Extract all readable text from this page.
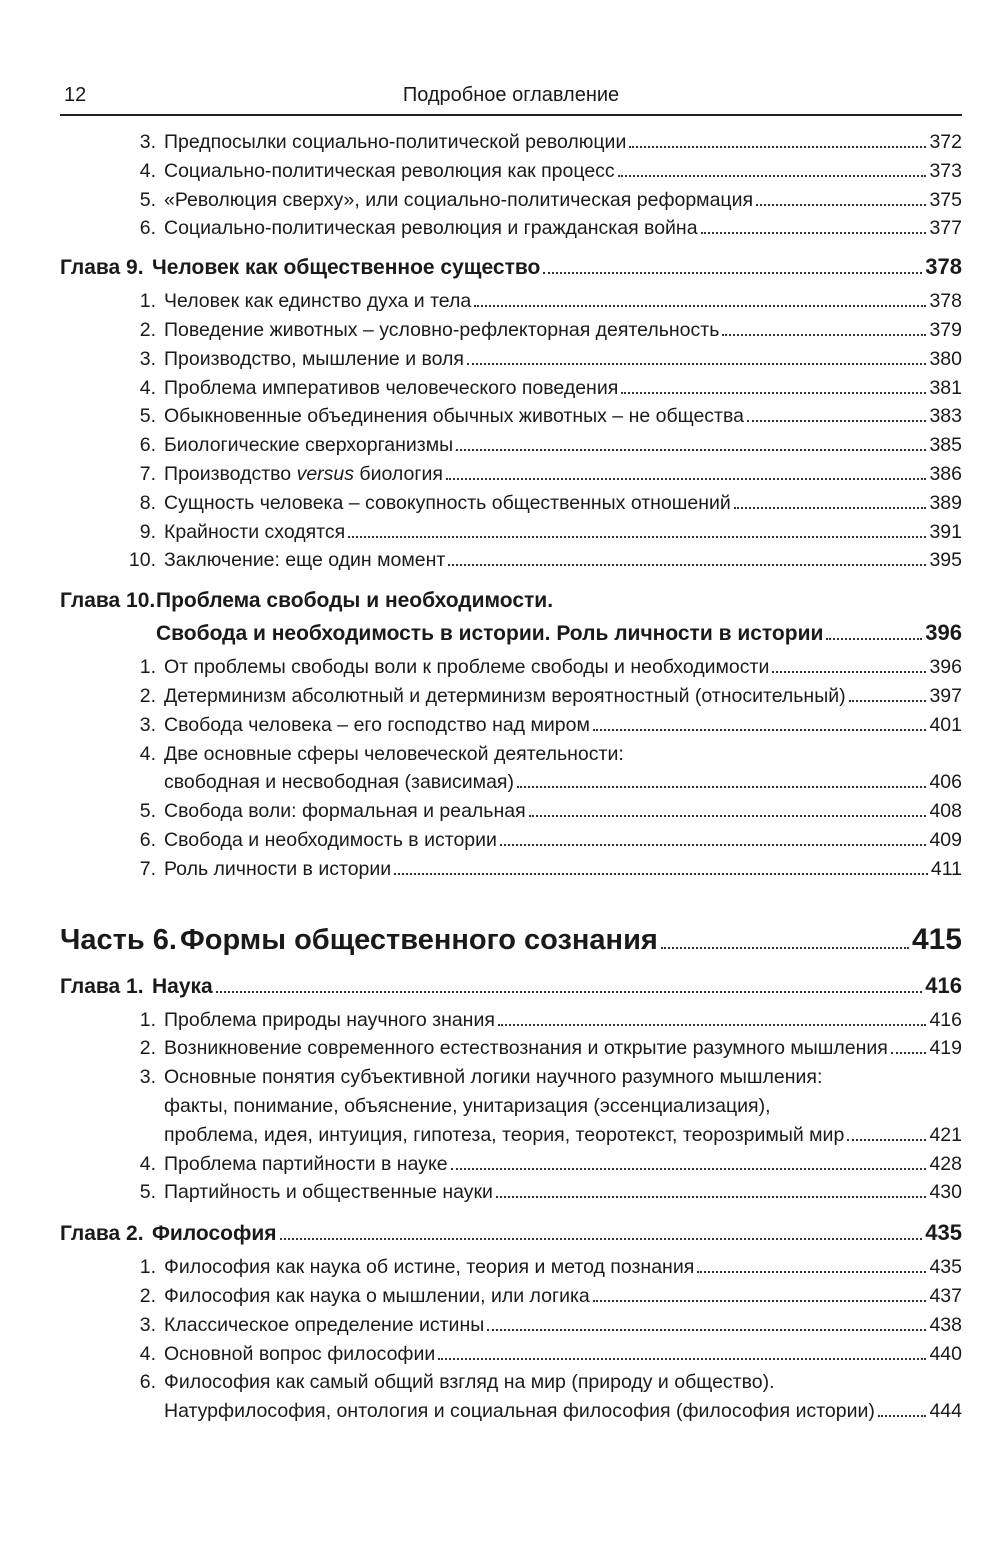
12	Подробное оглавление
3. Предпосылки социально-политической революции	372
4. Социально-политическая революция как процесс	373
5. «Революция сверху», или социально-политическая реформация	375
6. Социально-политическая революция и гражданская война	377
Глава 9. Человек как общественное существо	378
1. Человек как единство духа и тела	378
2. Поведение животных – условно-рефлекторная деятельность	379
3. Производство, мышление и воля	380
4. Проблема императивов человеческого поведения	381
5. Обыкновенные объединения обычных животных – не общества	383
6. Биологические сверхорганизмы	385
7. Производство versus биология	386
8. Сущность человека – совокупность общественных отношений	389
9. Крайности сходятся	391
10. Заключение: еще один момент	395
Глава 10.Проблема свободы и необходимости.
Свобода и необходимость в истории. Роль личности в истории	396
1. От проблемы свободы воли к проблеме свободы и необходимости	396
2. Детерминизм абсолютный и детерминизм вероятностный (относительный)	397
3. Свобода человека – его господство над миром	401
4. Две основные сферы человеческой деятельности:
свободная и несвободная (зависимая)	406
5. Свобода воли: формальная и реальная	408
6. Свобода и необходимость в истории	409
7. Роль личности в истории	411
Часть 6. Формы общественного сознания	415
Глава 1. Наука	416
1. Проблема природы научного знания	416
2. Возникновение современного естествознания и открытие разумного мышления 419
3. Основные понятия субъективной логики научного разумного мышления:
факты, понимание, объяснение, унитаризация (эссенциализация),
проблема, идея, интуиция, гипотеза, теория, теоротекст, теорозримый мир	421
4. Проблема партийности в науке	428
5. Партийность и общественные науки	430
Глава 2. Философия	435
1. Философия как наука об истине, теория и метод познания	435
2. Философия как наука о мышлении, или логика	437
3. Классическое определение истины	438
4. Основной вопрос философии	440
6. Философия как самый общий взгляд на мир (природу и общество).
Натурфилософия, онтология и социальная философия (философия истории)	444
